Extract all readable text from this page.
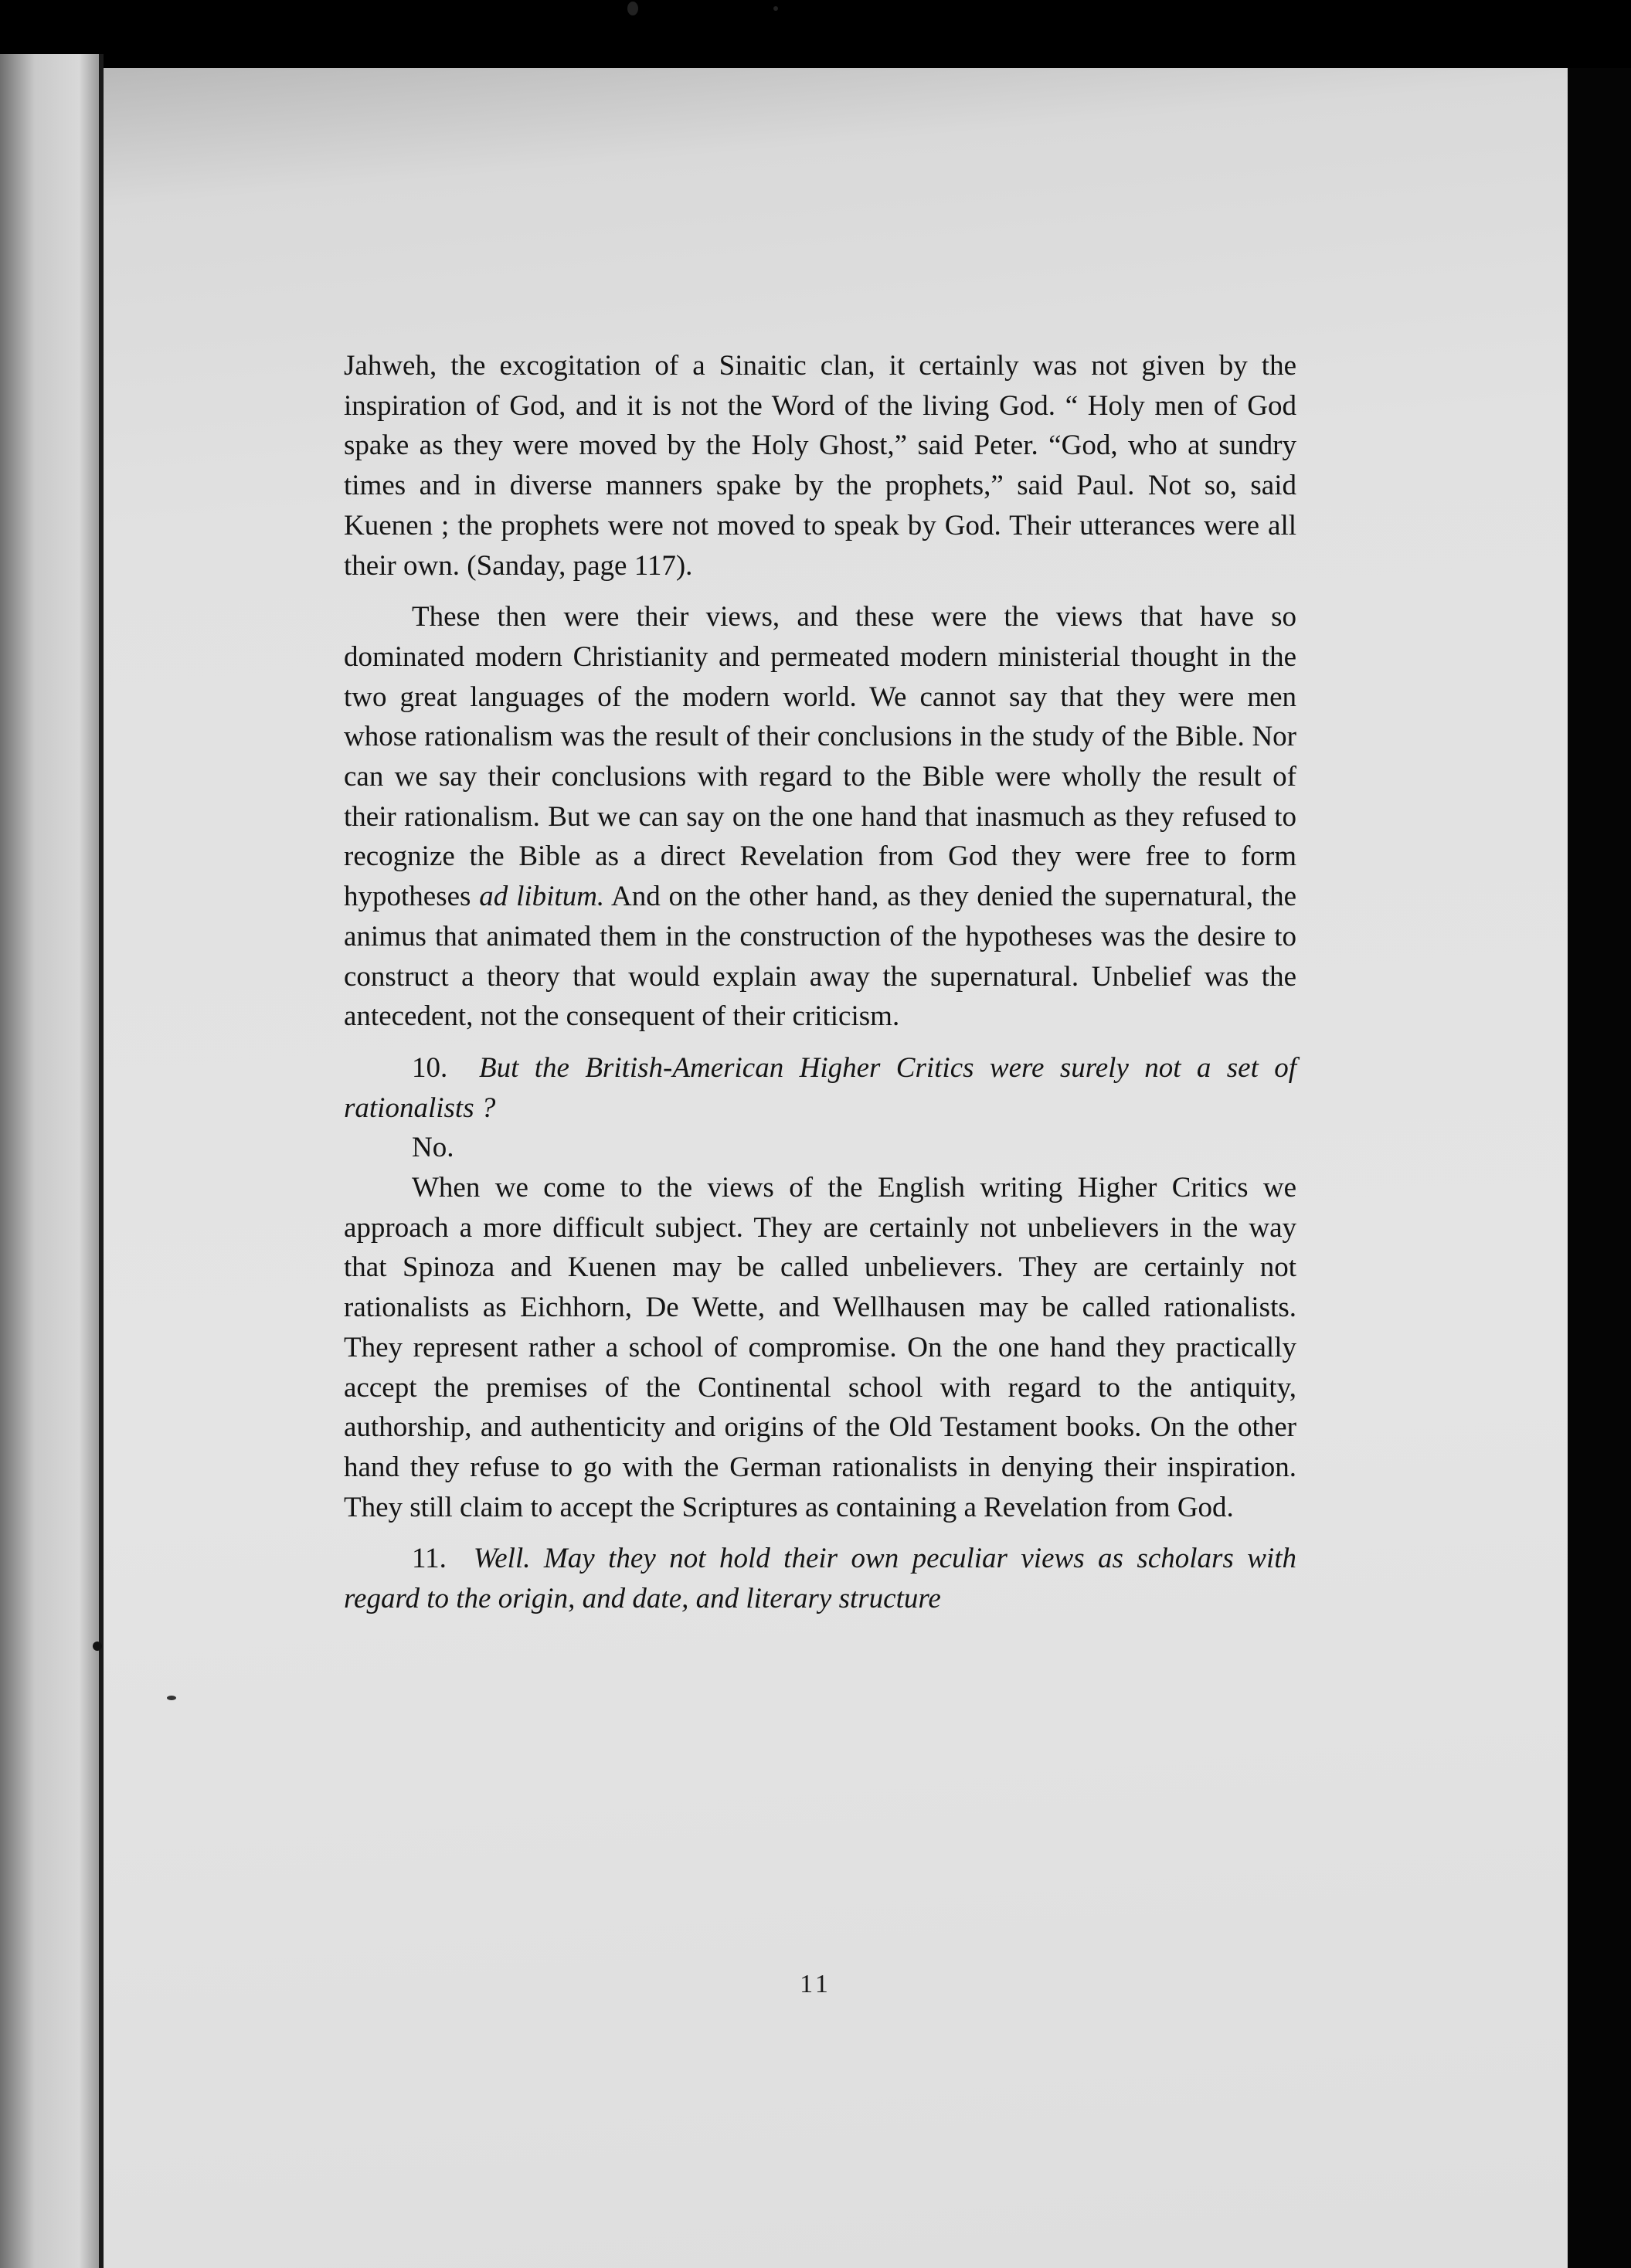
Jahweh, the excogitation of a Sinaitic clan, it certainly was not given by the inspiration of God, and it is not the Word of the living God. “ Holy men of God spake as they were moved by the Holy Ghost,” said Peter. “God, who at sundry times and in diverse manners spake by the prophets,” said Paul. Not so, said Kuenen ; the prophets were not moved to speak by God. Their utterances were all their own. (Sanday, page 117).

These then were their views, and these were the views that have so dominated modern Christianity and permeated modern ministerial thought in the two great languages of the modern world. We cannot say that they were men whose rationalism was the result of their conclusions in the study of the Bible. Nor can we say their conclusions with regard to the Bible were wholly the result of their rationalism. But we can say on the one hand that inasmuch as they refused to recognize the Bible as a direct Revelation from God they were free to form hypotheses ad libitum. And on the other hand, as they denied the supernatural, the animus that animated them in the construction of the hypotheses was the desire to construct a theory that would explain away the supernatural. Unbelief was the antecedent, not the consequent of their criticism.

10. But the British-American Higher Critics were surely not a set of rationalists ?

No.

When we come to the views of the English writing Higher Critics we approach a more difficult subject. They are certainly not unbelievers in the way that Spinoza and Kuenen may be called unbelievers. They are certainly not rationalists as Eichhorn, De Wette, and Wellhausen may be called rationalists. They represent rather a school of compromise. On the one hand they practically accept the premises of the Continental school with regard to the antiquity, authorship, and authenticity and origins of the Old Testament books. On the other hand they refuse to go with the German rationalists in denying their inspiration. They still claim to accept the Scriptures as containing a Revelation from God.

11. Well. May they not hold their own peculiar views as scholars with regard to the origin, and date, and literary structure

11
